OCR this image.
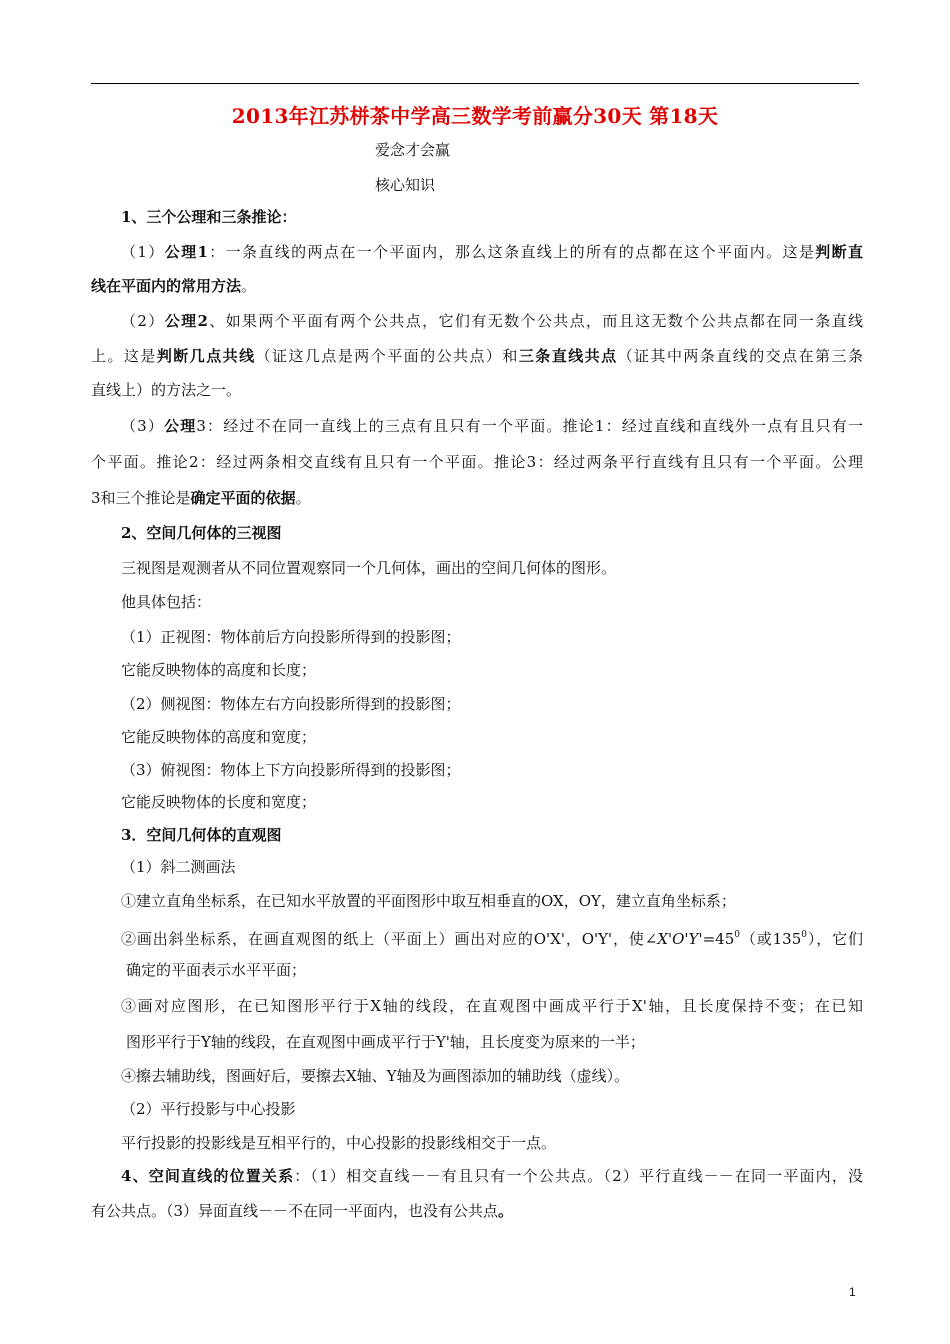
2013年江苏栟茶中学高三数学考前赢分30天 第18天
爱念才会赢
核心知识
1、三个公理和三条推论：
（1）公理1：一条直线的两点在一个平面内，那么这条直线上的所有的点都在这个平面内。这是判断直
线在平面内的常用方法。
（2）公理2、如果两个平面有两个公共点，它们有无数个公共点，而且这无数个公共点都在同一条直线
上。这是判断几点共线（证这几点是两个平面的公共点）和三条直线共点（证其中两条直线的交点在第三条
直线上）的方法之一。
（3）公理3：经过不在同一直线上的三点有且只有一个平面。推论1：经过直线和直线外一点有且只有一
个平面。推论2：经过两条相交直线有且只有一个平面。推论3：经过两条平行直线有且只有一个平面。公理
3和三个推论是确定平面的依据。
2、空间几何体的三视图
三视图是观测者从不同位置观察同一个几何体，画出的空间几何体的图形。
他具体包括：
（1）正视图：物体前后方向投影所得到的投影图；
它能反映物体的高度和长度；
（2）侧视图：物体左右方向投影所得到的投影图；
它能反映物体的高度和宽度；
（3）俯视图：物体上下方向投影所得到的投影图；
它能反映物体的长度和宽度；
3．空间几何体的直观图
（1）斜二测画法
①建立直角坐标系，在已知水平放置的平面图形中取互相垂直的OX，OY，建立直角坐标系；
②画出斜坐标系，在画直观图的纸上（平面上）画出对应的O'X'，O'Y'，使$\angle X'O'Y'=45^0$（或$135^0$），它们
确定的平面表示水平平面；
③画对应图形，在已知图形平行于X轴的线段，在直观图中画成平行于X'轴，且长度保持不变；在已知
图形平行于Y轴的线段，在直观图中画成平行于Y'轴，且长度变为原来的一半；
④擦去辅助线，图画好后，要擦去X轴、Y轴及为画图添加的辅助线（虚线）。
（2）平行投影与中心投影
平行投影的投影线是互相平行的，中心投影的投影线相交于一点。
4、空间直线的位置关系：（1）相交直线－－有且只有一个公共点。（2）平行直线－－在同一平面内，没
有公共点。（3）异面直线－－不在同一平面内，也没有公共点。
1
